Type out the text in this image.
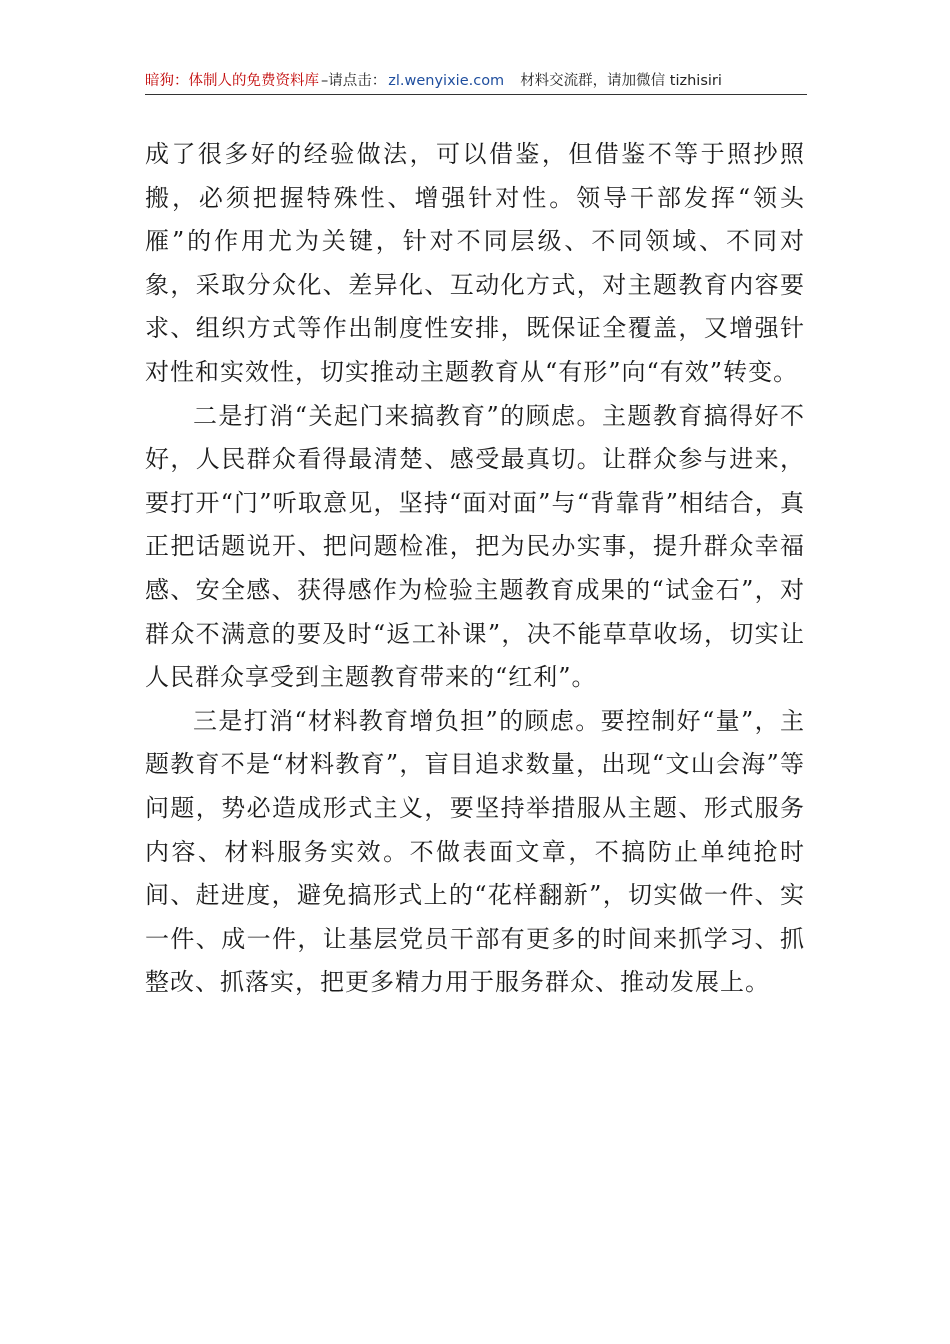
暗狗：体制人的免费资料库 –请点击： zl.wenyixie.com 材料交流群，请加微信 tizhisiri

成了很多好的经验做法，可以借鉴，但借鉴不等于照抄照搬，必须把握特殊性、增强针对性。领导干部发挥“领头雁”的作用尤为关键，针对不同层级、不同领域、不同对象，采取分众化、差异化、互动化方式，对主题教育内容要求、组织方式等作出制度性安排，既保证全覆盖，又增强针对性和实效性，切实推动主题教育从“有形”向“有效”转变。

二是打消“关起门来搞教育”的顾虑。主题教育搞得好不好，人民群众看得最清楚、感受最真切。让群众参与进来，要打开“门”听取意见，坚持“面对面”与“背靠背”相结合，真正把话题说开、把问题检准，把为民办实事，提升群众幸福感、安全感、获得感作为检验主题教育成果的“试金石”，对群众不满意的要及时“返工补课”，决不能草草收场，切实让人民群众享受到主题教育带来的“红利”。

三是打消“材料教育增负担”的顾虑。要控制好“量”，主题教育不是“材料教育”，盲目追求数量，出现“文山会海”等问题，势必造成形式主义，要坚持举措服从主题、形式服务内容、材料服务实效。不做表面文章，不搞防止单纯抢时间、赶进度，避免搞形式上的“花样翻新”，切实做一件、实一件、成一件，让基层党员干部有更多的时间来抓学习、抓整改、抓落实，把更多精力用于服务群众、推动发展上。
